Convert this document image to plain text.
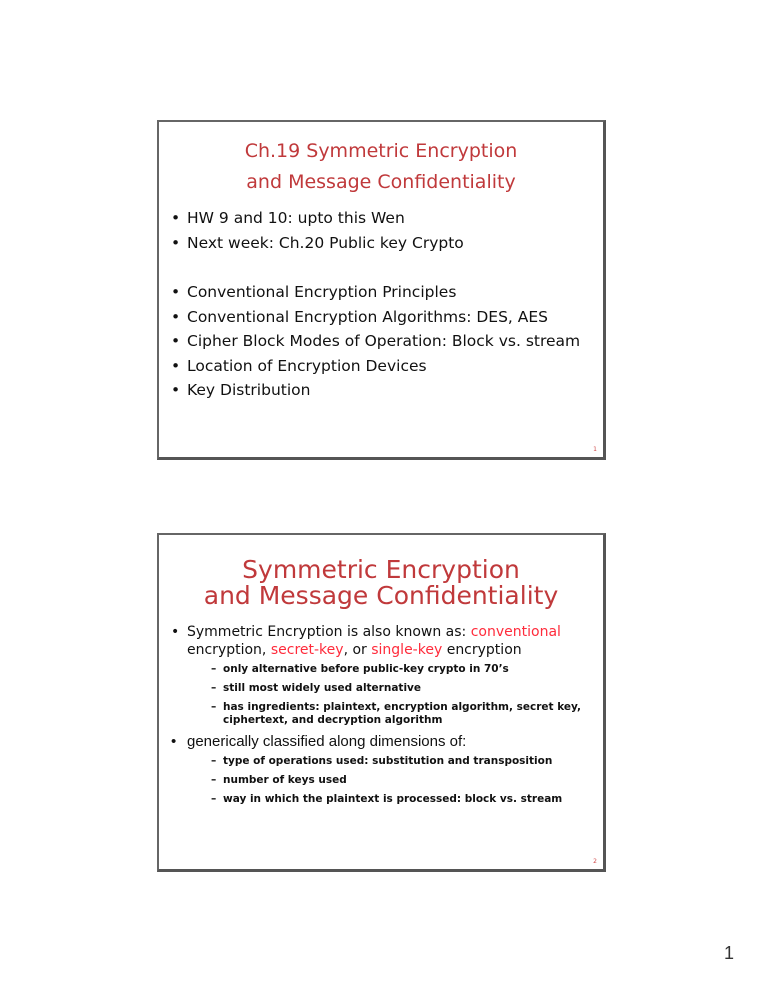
Ch.19 Symmetric Encryption
and Message Confidentiality
• HW 9 and 10: upto this Wen
• Next week: Ch.20 Public key Crypto
• Conventional Encryption Principles
• Conventional Encryption Algorithms: DES, AES
• Cipher Block Modes of Operation: Block vs. stream
• Location of Encryption Devices
• Key Distribution
1
Symmetric Encryption
and Message Confidentiality
• Symmetric Encryption is also known as: conventional encryption, secret-key, or single-key encryption
– only alternative before public-key crypto in 70’s
– still most widely used alternative
– has ingredients: plaintext, encryption algorithm, secret key, ciphertext, and decryption algorithm
• generically classified along dimensions of:
– type of operations used: substitution and transposition
– number of keys used
– way in which the plaintext is processed: block vs. stream
2
1
